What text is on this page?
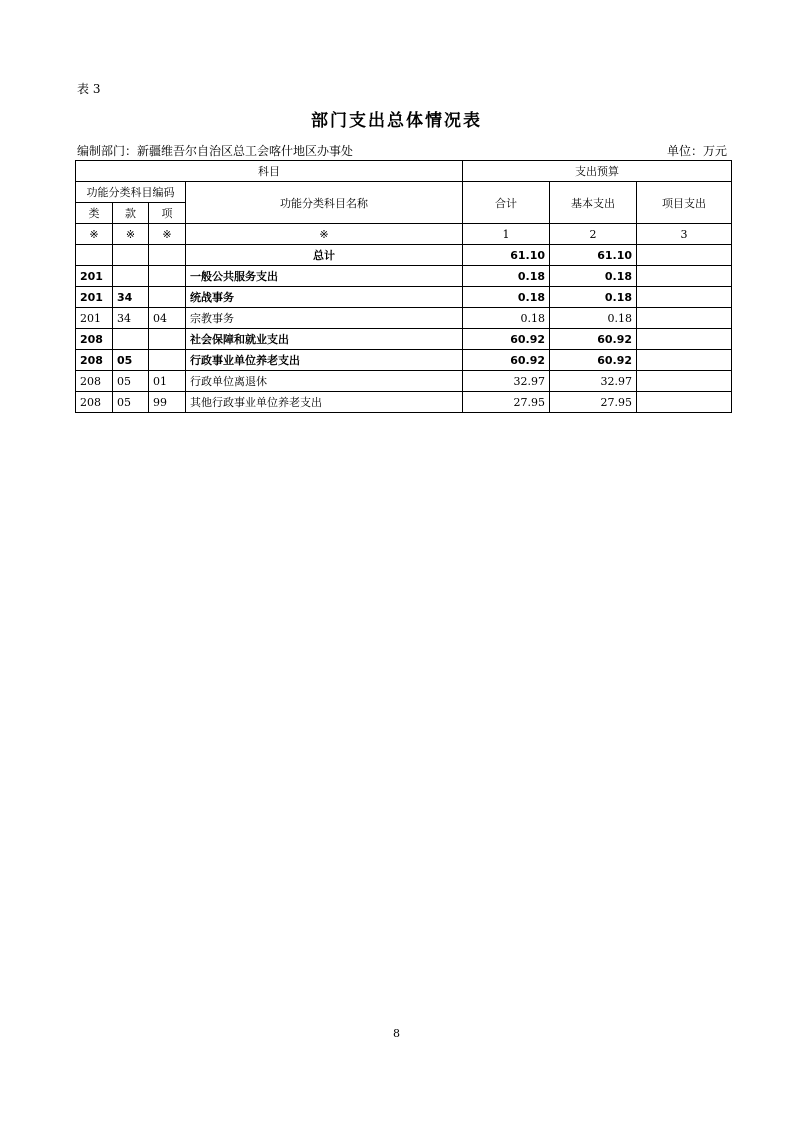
表 3
部门支出总体情况表
编制部门：新疆维吾尔自治区总工会喀什地区办事处	单位：万元
科目				支出预算		
功能分类科目编码			功能分类科目名称	合计	基本支出	项目支出
类	款	项				
※	※	※	※	1	2	3
			总计	61.10	61.10	
201			一般公共服务支出	0.18	0.18	
201	34		统战事务	0.18	0.18	
201	34	04	宗教事务	0.18	0.18	
208			社会保障和就业支出	60.92	60.92	
208	05		行政事业单位养老支出	60.92	60.92	
208	05	01	行政单位离退休	32.97	32.97	
208	05	99	其他行政事业单位养老支出	27.95	27.95	
8
